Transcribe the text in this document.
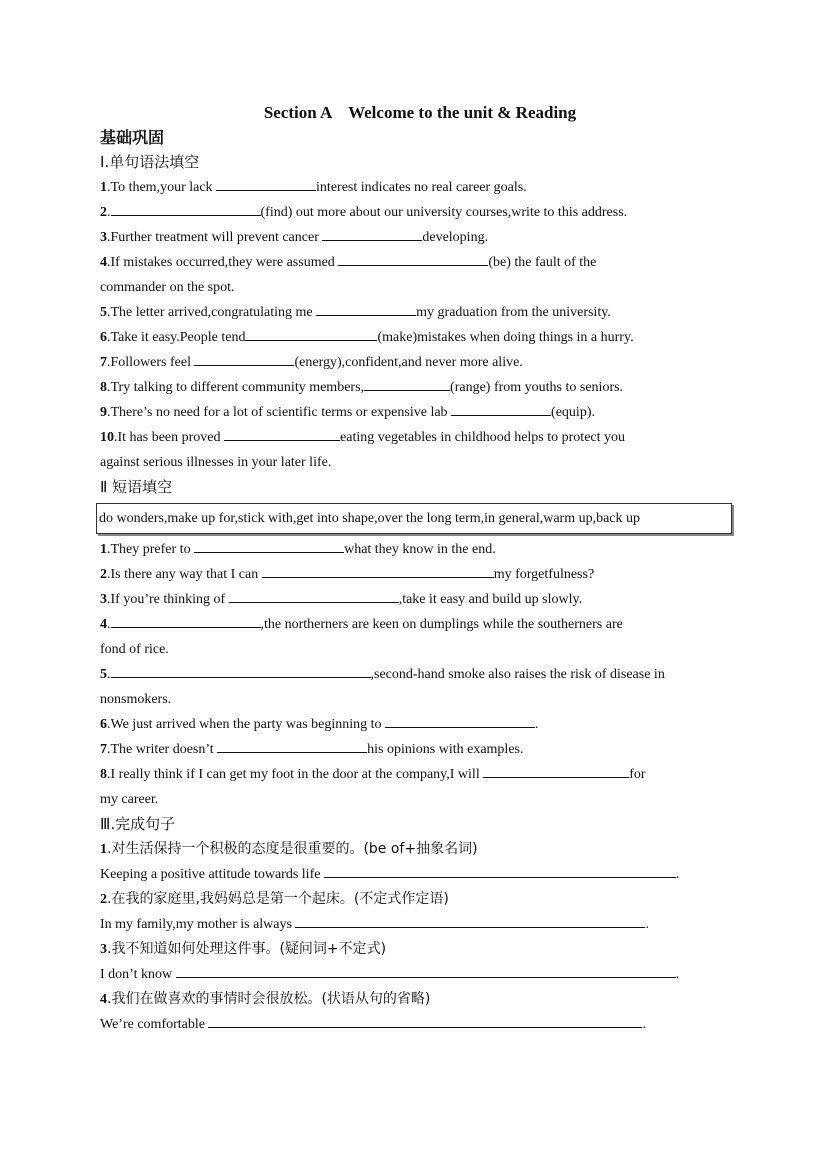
Section A    Welcome to the unit & Reading
基础巩固
Ⅰ.单句语法填空
1.To them,your lack	interest indicates no real career goals.
2.	(find) out more about our university courses,write to this address.
3.Further treatment will prevent cancer	developing.
4.If mistakes occurred,they were assumed	(be) the fault of the
commander on the spot.
5.The letter arrived,congratulating me	my graduation from the university.
6.Take it easy.People tend	(make)mistakes when doing things in a hurry.
7.Followers feel	(energy),confident,and never more alive.
8.Try talking to different community members,	(range) from youths to seniors.
9.There’s no need for a lot of scientific terms or expensive lab	(equip).
10.It has been proved	eating vegetables in childhood helps to protect you
against serious illnesses in your later life.
Ⅱ 短语填空
do wonders,make up for,stick with,get into shape,over the long term,in general,warm up,back up
1.They prefer to	what they know in the end.
2.Is there any way that I can	my forgetfulness?
3.If you’re thinking of	,take it easy and build up slowly.
4.	,the northerners are keen on dumplings while the southerners are
fond of rice.
5.	,second-hand smoke also raises the risk of disease in
nonsmokers.
6.We just arrived when the party was beginning to	.
7.The writer doesn’t	his opinions with examples.
8.I really think if I can get my foot in the door at the company,I will	for
my career.
Ⅲ.完成句子
1.对生活保持一个积极的态度是很重要的。(be of+抽象名词)
Keeping a positive attitude towards life	.
2.在我的家庭里,我妈妈总是第一个起床。(不定式作定语)
In my family,my mother is always	.
3.我不知道如何处理这件事。(疑问词+不定式)
I don’t know	.
4.我们在做喜欢的事情时会很放松。(状语从句的省略)
We’re comfortable	.
